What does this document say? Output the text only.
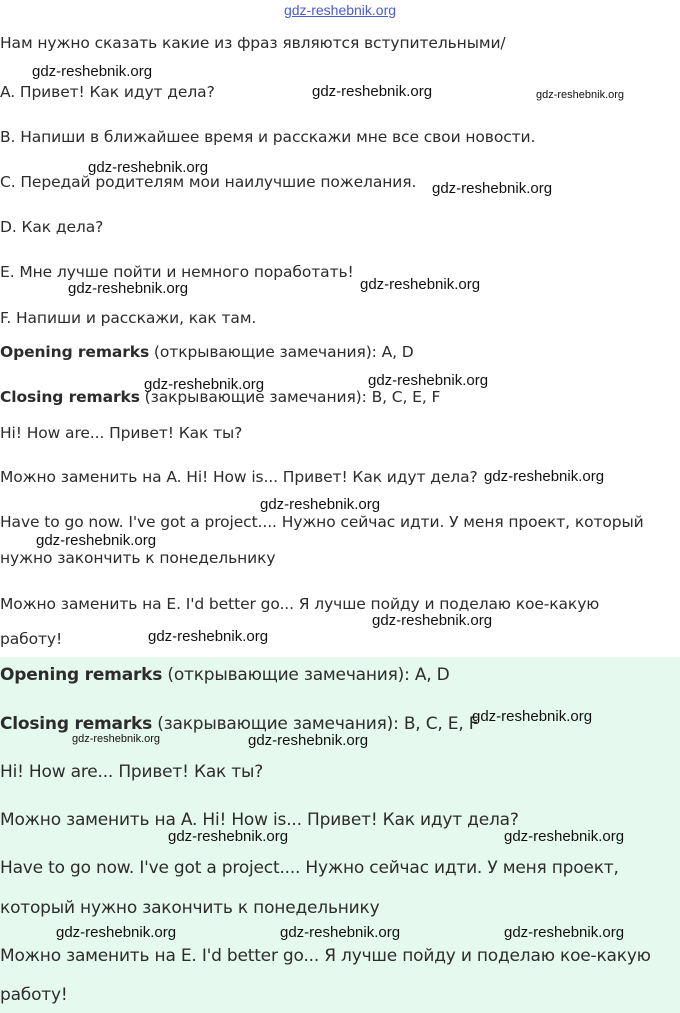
gdz-reshebnik.org
Нам нужно сказать какие из фраз являются вступительными/
A. Привет! Как идут дела?
B. Напиши в ближайшее время и расскажи мне все свои новости.
C. Передай родителям мои наилучшие пожелания.
D. Как дела?
E. Мне лучше пойти и немного поработать!
F. Напиши и расскажи, как там.
Opening remarks (открывающие замечания): A, D
Closing remarks (закрывающие замечания): B, C, E, F
Hi! How are... Привет! Как ты?
Можно заменить на A. Hi! How is... Привет! Как идут дела?
Have to go now. I've got a project.... Нужно сейчас идти. У меня проект, который
нужно закончить к понедельнику
Можно заменить на E. I'd better go... Я лучше пойду и поделаю кое-какую
работу!
Opening remarks (открывающие замечания): A, D
Closing remarks (закрывающие замечания): B, C, E, F
Hi! How are... Привет! Как ты?
Можно заменить на A. Hi! How is... Привет! Как идут дела?
Have to go now. I've got a project.... Нужно сейчас идти. У меня проект,
который нужно закончить к понедельнику
Можно заменить на E. I'd better go... Я лучше пойду и поделаю кое-какую
работу!
gdz-reshebnik.org
gdz-reshebnik.org	gdz-reshebnik.org
gdz-reshebnik.org
gdz-reshebnik.org
gdz-reshebnik.org	gdz-reshebnik.org
gdz-reshebnik.org	gdz-reshebnik.org
gdz-reshebnik.org
gdz-reshebnik.org
gdz-reshebnik.org
gdz-reshebnik.org
gdz-reshebnik.org
gdz-reshebnik.org
gdz-reshebnik.org	gdz-reshebnik.org
gdz-reshebnik.org	gdz-reshebnik.org
gdz-reshebnik.org	gdz-reshebnik.org	gdz-reshebnik.org
